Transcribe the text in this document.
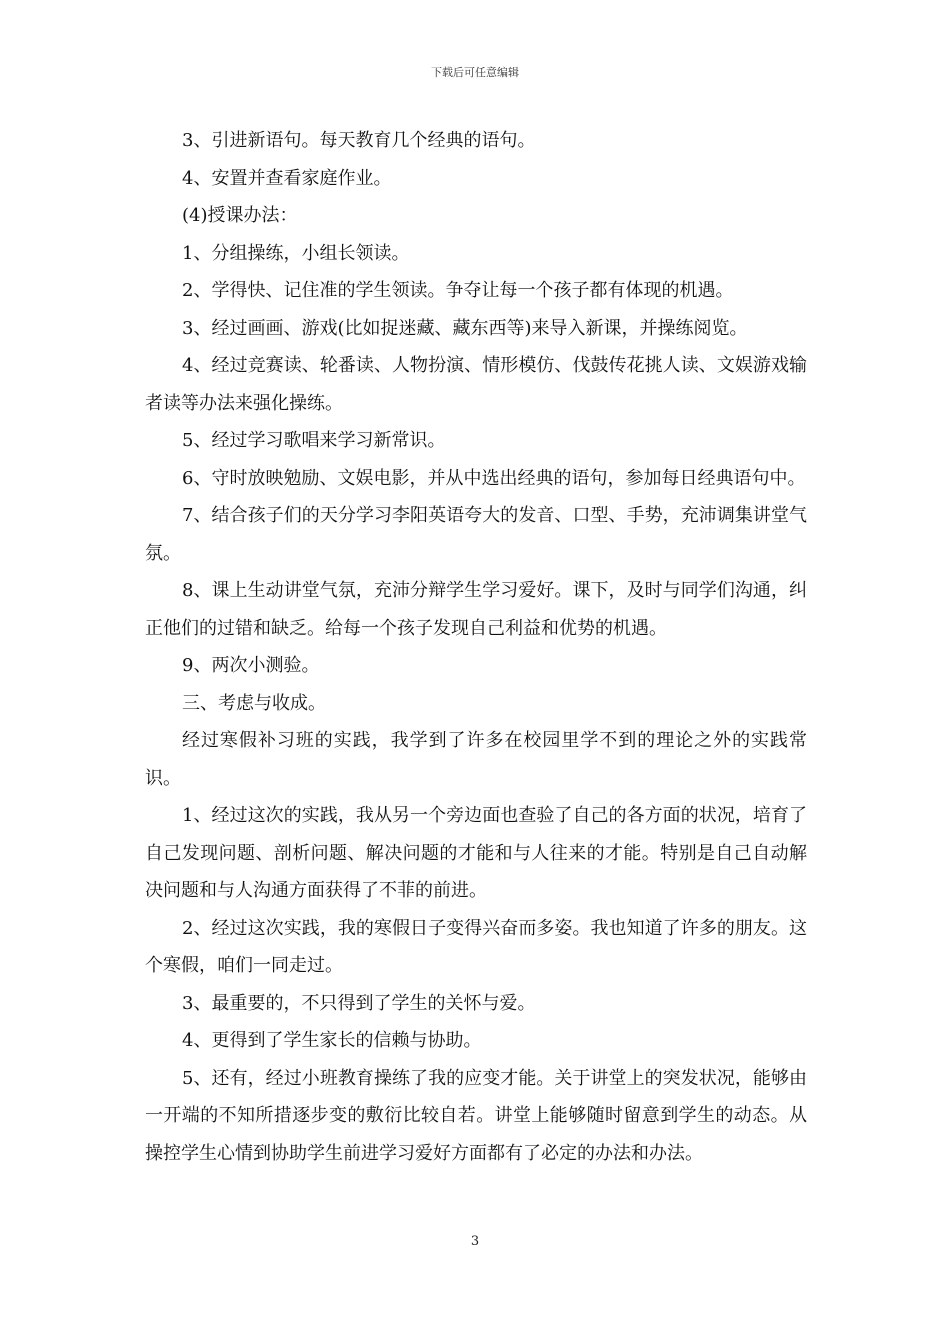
下载后可任意编辑

3、引进新语句。每天教育几个经典的语句。

4、安置并查看家庭作业。

(4)授课办法：

1、分组操练，小组长领读。

2、学得快、记住准的学生领读。争夺让每一个孩子都有体现的机遇。

3、经过画画、游戏(比如捉迷藏、藏东西等)来导入新课，并操练阅览。

4、经过竞赛读、轮番读、人物扮演、情形模仿、伐鼓传花挑人读、文娱游戏输者读等办法来强化操练。

5、经过学习歌唱来学习新常识。

6、守时放映勉励、文娱电影，并从中选出经典的语句，参加每日经典语句中。

7、结合孩子们的天分学习李阳英语夸大的发音、口型、手势，充沛调集讲堂气氛。

8、课上生动讲堂气氛，充沛分辩学生学习爱好。课下，及时与同学们沟通，纠正他们的过错和缺乏。给每一个孩子发现自己利益和优势的机遇。

9、两次小测验。

三、考虑与收成。

经过寒假补习班的实践，我学到了许多在校园里学不到的理论之外的实践常识。

1、经过这次的实践，我从另一个旁边面也查验了自己的各方面的状况，培育了自己发现问题、剖析问题、解决问题的才能和与人往来的才能。特别是自己自动解决问题和与人沟通方面获得了不菲的前进。

2、经过这次实践，我的寒假日子变得兴奋而多姿。我也知道了许多的朋友。这个寒假，咱们一同走过。

3、最重要的，不只得到了学生的关怀与爱。

4、更得到了学生家长的信赖与协助。

5、还有，经过小班教育操练了我的应变才能。关于讲堂上的突发状况，能够由一开端的不知所措逐步变的敷衍比较自若。讲堂上能够随时留意到学生的动态。从操控学生心情到协助学生前进学习爱好方面都有了必定的办法和办法。

3
